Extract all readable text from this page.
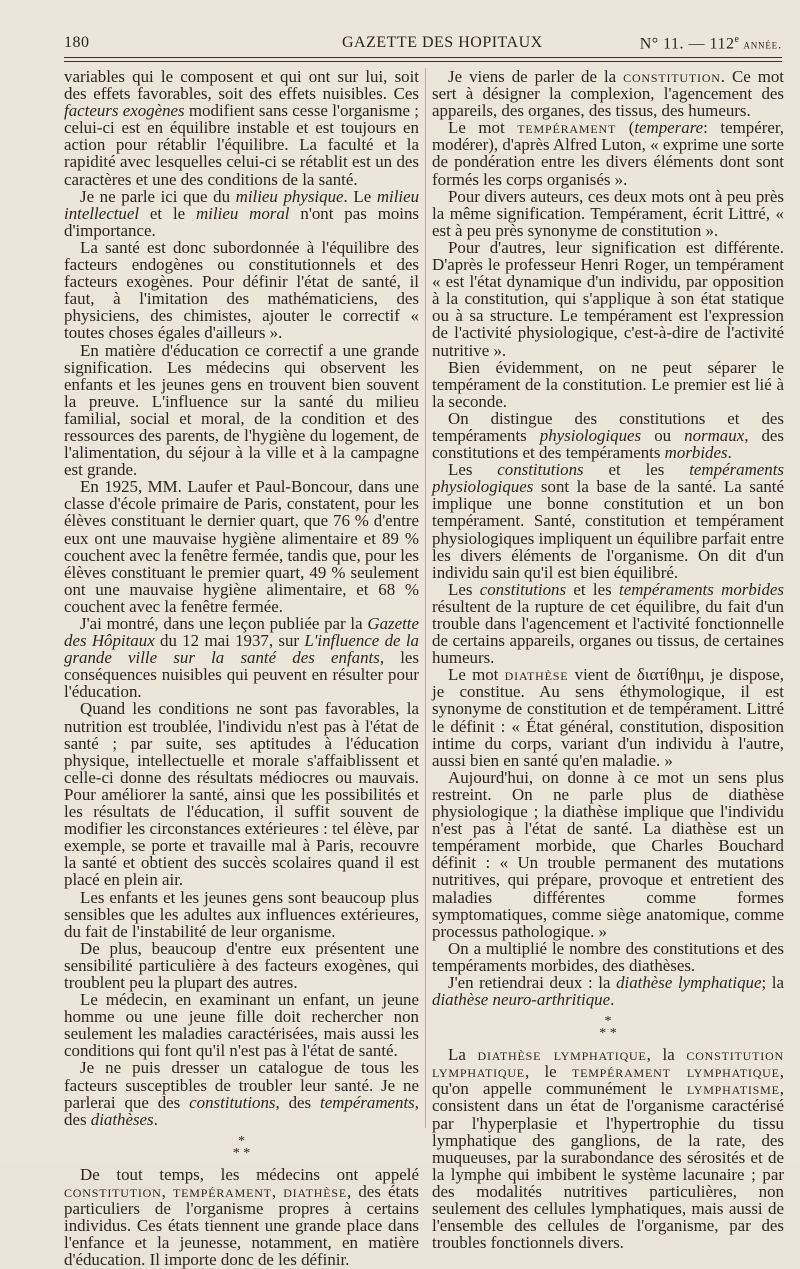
180	GAZETTE DES HOPITAUX	N° 11. — 112e année.

variables qui le composent et qui ont sur lui, soit des effets favorables, soit des effets nuisibles. Ces facteurs exogènes modifient sans cesse l'organisme ; celui-ci est en équilibre instable et est toujours en action pour rétablir l'équilibre. La faculté et la rapidité avec lesquelles celui-ci se rétablit est un des caractères et une des conditions de la santé.

Je ne parle ici que du milieu physique. Le milieu intellectuel et le milieu moral n'ont pas moins d'importance.

La santé est donc subordonnée à l'équilibre des facteurs endogènes ou constitutionnels et des facteurs exogènes. Pour définir l'état de santé, il faut, à l'imitation des mathématiciens, des physiciens, des chimistes, ajouter le correctif « toutes choses égales d'ailleurs ».

En matière d'éducation ce correctif a une grande signification. Les médecins qui observent les enfants et les jeunes gens en trouvent bien souvent la preuve. L'influence sur la santé du milieu familial, social et moral, de la condition et des ressources des parents, de l'hygiène du logement, de l'alimentation, du séjour à la ville et à la campagne est grande.

En 1925, MM. Laufer et Paul-Boncour, dans une classe d'école primaire de Paris, constatent, pour les élèves constituant le dernier quart, que 76 % d'entre eux ont une mauvaise hygiène alimentaire et 89 % couchent avec la fenêtre fermée, tandis que, pour les élèves constituant le premier quart, 49 % seulement ont une mauvaise hygiène alimentaire, et 68 % couchent avec la fenêtre fermée.

J'ai montré, dans une leçon publiée par la Gazette des Hôpitaux du 12 mai 1937, sur L'influence de la grande ville sur la santé des enfants, les conséquences nuisibles qui peuvent en résulter pour l'éducation.

Quand les conditions ne sont pas favorables, la nutrition est troublée, l'individu n'est pas à l'état de santé ; par suite, ses aptitudes à l'éducation physique, intellectuelle et morale s'affaiblissent et celle-ci donne des résultats médiocres ou mauvais. Pour améliorer la santé, ainsi que les possibilités et les résultats de l'éducation, il suffit souvent de modifier les circonstances extérieures : tel élève, par exemple, se porte et travaille mal à Paris, recouvre la santé et obtient des succès scolaires quand il est placé en plein air.

Les enfants et les jeunes gens sont beaucoup plus sensibles que les adultes aux influences extérieures, du fait de l'instabilité de leur organisme.

De plus, beaucoup d'entre eux présentent une sensibilité particulière à des facteurs exogènes, qui troublent peu la plupart des autres.

Le médecin, en examinant un enfant, un jeune homme ou une jeune fille doit rechercher non seulement les maladies caractérisées, mais aussi les conditions qui font qu'il n'est pas à l'état de santé.

Je ne puis dresser un catalogue de tous les facteurs susceptibles de troubler leur santé. Je ne parlerai que des constitutions, des tempéraments, des diathèses.

*
* *

De tout temps, les médecins ont appelé constitution, tempérament, diathèse, des états particuliers de l'organisme propres à certains individus. Ces états tiennent une grande place dans l'enfance et la jeunesse, notamment, en matière d'éducation. Il importe donc de les définir.

Je viens de parler de la constitution. Ce mot sert à désigner la complexion, l'agencement des appareils, des organes, des tissus, des humeurs.

Le mot tempérament (temperare: tempérer, modérer), d'après Alfred Luton, « exprime une sorte de pondération entre les divers éléments dont sont formés les corps organisés ».

Pour divers auteurs, ces deux mots ont à peu près la même signification. Tempérament, écrit Littré, « est à peu près synonyme de constitution ».

Pour d'autres, leur signification est différente. D'après le professeur Henri Roger, un tempérament « est l'état dynamique d'un individu, par opposition à la constitution, qui s'applique à son état statique ou à sa structure. Le tempérament est l'expression de l'activité physiologique, c'est-à-dire de l'activité nutritive ».

Bien évidemment, on ne peut séparer le tempérament de la constitution. Le premier est lié à la seconde.

On distingue des constitutions et des tempéraments physiologiques ou normaux, des constitutions et des tempéraments morbides.

Les constitutions et les tempéraments physiologiques sont la base de la santé. La santé implique une bonne constitution et un bon tempérament. Santé, constitution et tempérament physiologiques impliquent un équilibre parfait entre les divers éléments de l'organisme. On dit d'un individu sain qu'il est bien équilibré.

Les constitutions et les tempéraments morbides résultent de la rupture de cet équilibre, du fait d'un trouble dans l'agencement et l'activité fonctionnelle de certains appareils, organes ou tissus, de certaines humeurs.

Le mot diathèse vient de διατίθημι, je dispose, je constitue. Au sens éthymologique, il est synonyme de constitution et de tempérament. Littré le définit : « État général, constitution, disposition intime du corps, variant d'un individu à l'autre, aussi bien en santé qu'en maladie. »

Aujourd'hui, on donne à ce mot un sens plus restreint. On ne parle plus de diathèse physiologique ; la diathèse implique que l'individu n'est pas à l'état de santé. La diathèse est un tempérament morbide, que Charles Bouchard définit : « Un trouble permanent des mutations nutritives, qui prépare, provoque et entretient des maladies différentes comme formes symptomatiques, comme siège anatomique, comme processus pathologique. »

On a multiplié le nombre des constitutions et des tempéraments morbides, des diathèses.

J'en retiendrai deux : la diathèse lymphatique; la diathèse neuro-arthritique.

*
* *

La diathèse lymphatique, la constitution lymphatique, le tempérament lymphatique, qu'on appelle communément le lymphatisme, consistent dans un état de l'organisme caractérisé par l'hyperplasie et l'hypertrophie du tissu lymphatique des ganglions, de la rate, des muqueuses, par la surabondance des sérosités et de la lymphe qui imbibent le système lacunaire ; par des modalités nutritives particulières, non seulement des cellules lymphatiques, mais aussi de l'ensemble des cellules de l'organisme, par des troubles fonctionnels divers.
